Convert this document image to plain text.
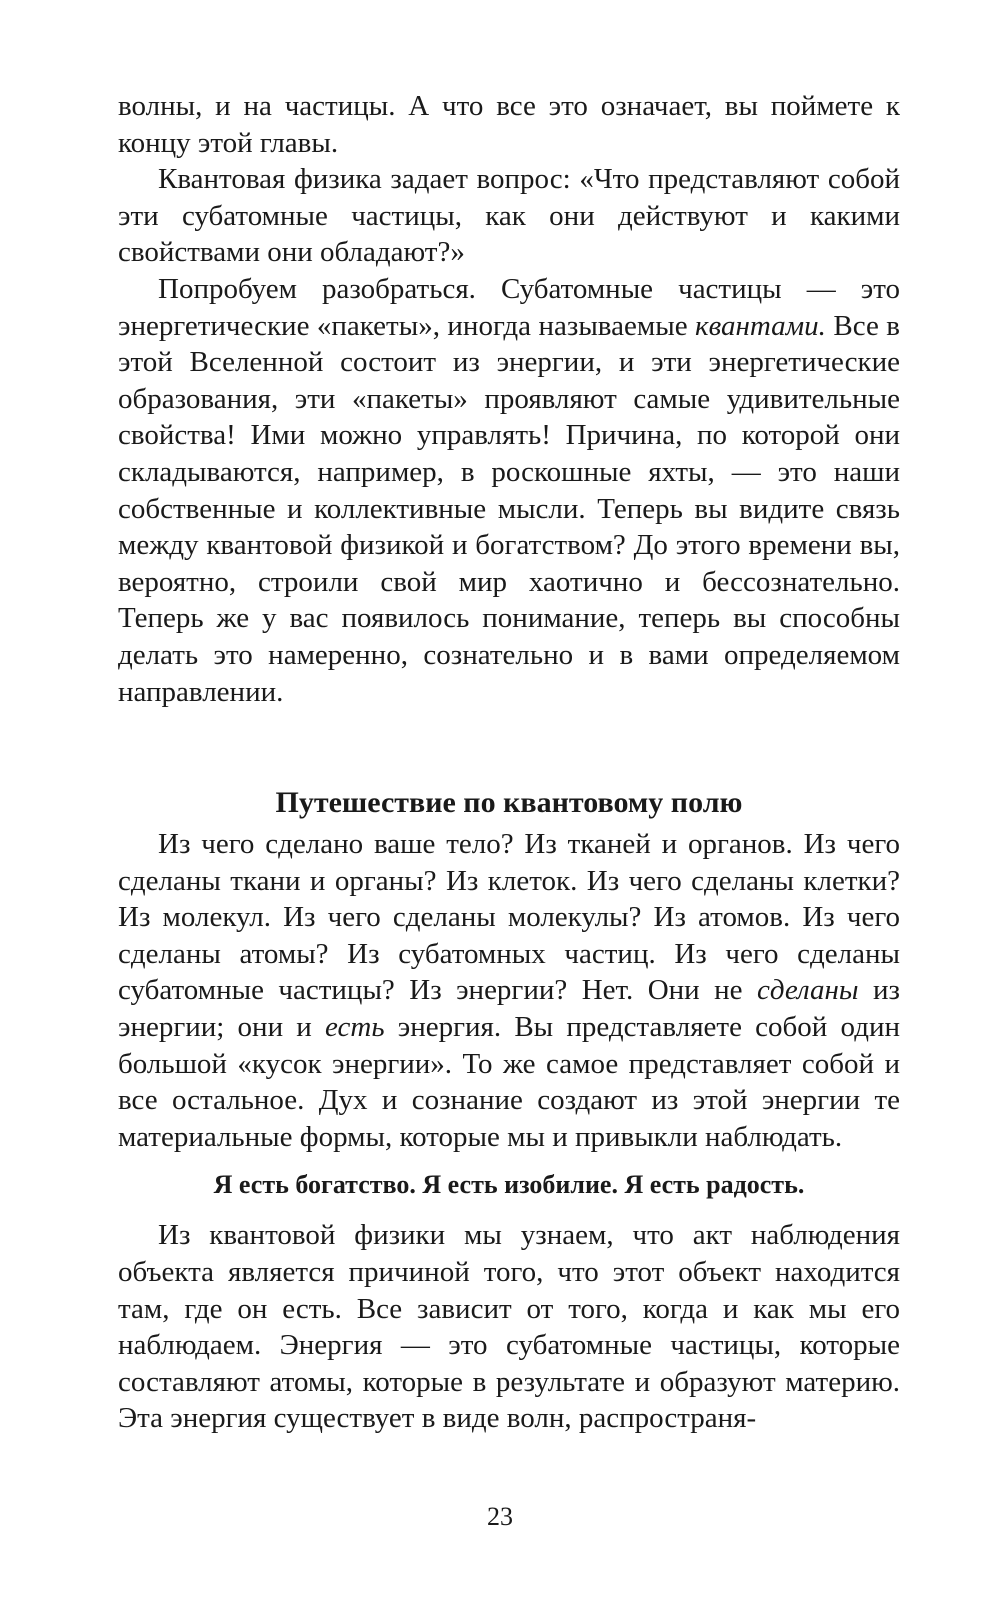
волны, и на частицы. А что все это означает, вы поймете к концу этой главы.

Квантовая физика задает вопрос: «Что представляют собой эти субатомные частицы, как они действуют и какими свойствами они обладают?»

Попробуем разобраться. Субатомные частицы — это энергетические «пакеты», иногда называемые квантами. Все в этой Вселенной состоит из энергии, и эти энергетические образования, эти «пакеты» проявляют самые удивительные свойства! Ими можно управлять! Причина, по которой они складываются, например, в роскошные яхты, — это наши собственные и коллективные мысли. Теперь вы видите связь между квантовой физикой и богатством? До этого времени вы, вероятно, строили свой мир хаотично и бессознательно. Теперь же у вас появилось понимание, теперь вы способны делать это намеренно, сознательно и в вами определяемом направлении.

Путешествие по квантовому полю

Из чего сделано ваше тело? Из тканей и органов. Из чего сделаны ткани и органы? Из клеток. Из чего сделаны клетки? Из молекул. Из чего сделаны молекулы? Из атомов. Из чего сделаны атомы? Из субатомных частиц. Из чего сделаны субатомные частицы? Из энергии? Нет. Они не сделаны из энергии; они и есть энергия. Вы представляете собой один большой «кусок энергии». То же самое представляет собой и все остальное. Дух и сознание создают из этой энергии те материальные формы, которые мы и привыкли наблюдать.

Я есть богатство. Я есть изобилие. Я есть радость.

Из квантовой физики мы узнаем, что акт наблюдения объекта является причиной того, что этот объект находится там, где он есть. Все зависит от того, когда и как мы его наблюдаем. Энергия — это субатомные частицы, которые составляют атомы, которые в результате и образуют материю. Эта энергия существует в виде волн, распространя-

23
